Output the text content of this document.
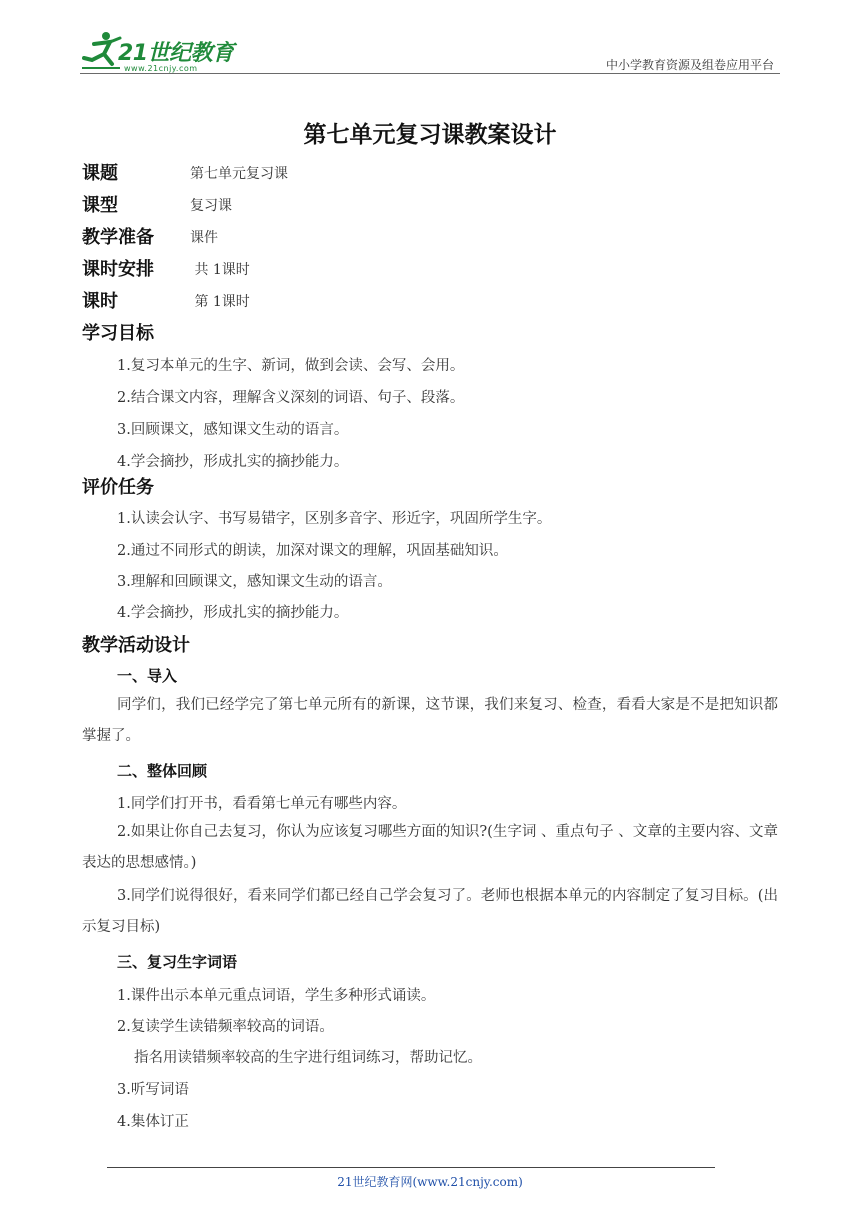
21世纪教育
www.21cnjy.com	中小学教育资源及组卷应用平台
第七单元复习课教案设计
课题	第七单元复习课
课型	复习课
教学准备	课件
课时安排	共 1课时
课时	第 1课时
学习目标
1.复习本单元的生字、新词，做到会读、会写、会用。
2.结合课文内容，理解含义深刻的词语、句子、段落。
3.回顾课文，感知课文生动的语言。
4.学会摘抄，形成扎实的摘抄能力。
评价任务
1.认读会认字、书写易错字，区别多音字、形近字，巩固所学生字。
2.通过不同形式的朗读，加深对课文的理解，巩固基础知识。
3.理解和回顾课文，感知课文生动的语言。
4.学会摘抄，形成扎实的摘抄能力。
教学活动设计
一、导入
同学们，我们已经学完了第七单元所有的新课，这节课，我们来复习、检查，看看大家是不是把知识都掌握了。
二、整体回顾
1.同学们打开书，看看第七单元有哪些内容。
2.如果让你自己去复习，你认为应该复习哪些方面的知识?(生字词 、重点句子 、文章的主要内容、文章表达的思想感情。)
3.同学们说得很好，看来同学们都已经自己学会复习了。老师也根据本单元的内容制定了复习目标。(出示复习目标)
三、复习生字词语
1.课件出示本单元重点词语，学生多种形式诵读。
2.复读学生读错频率较高的词语。
指名用读错频率较高的生字进行组词练习，帮助记忆。
3.听写词语
4.集体订正
21世纪教育网(www.21cnjy.com)
